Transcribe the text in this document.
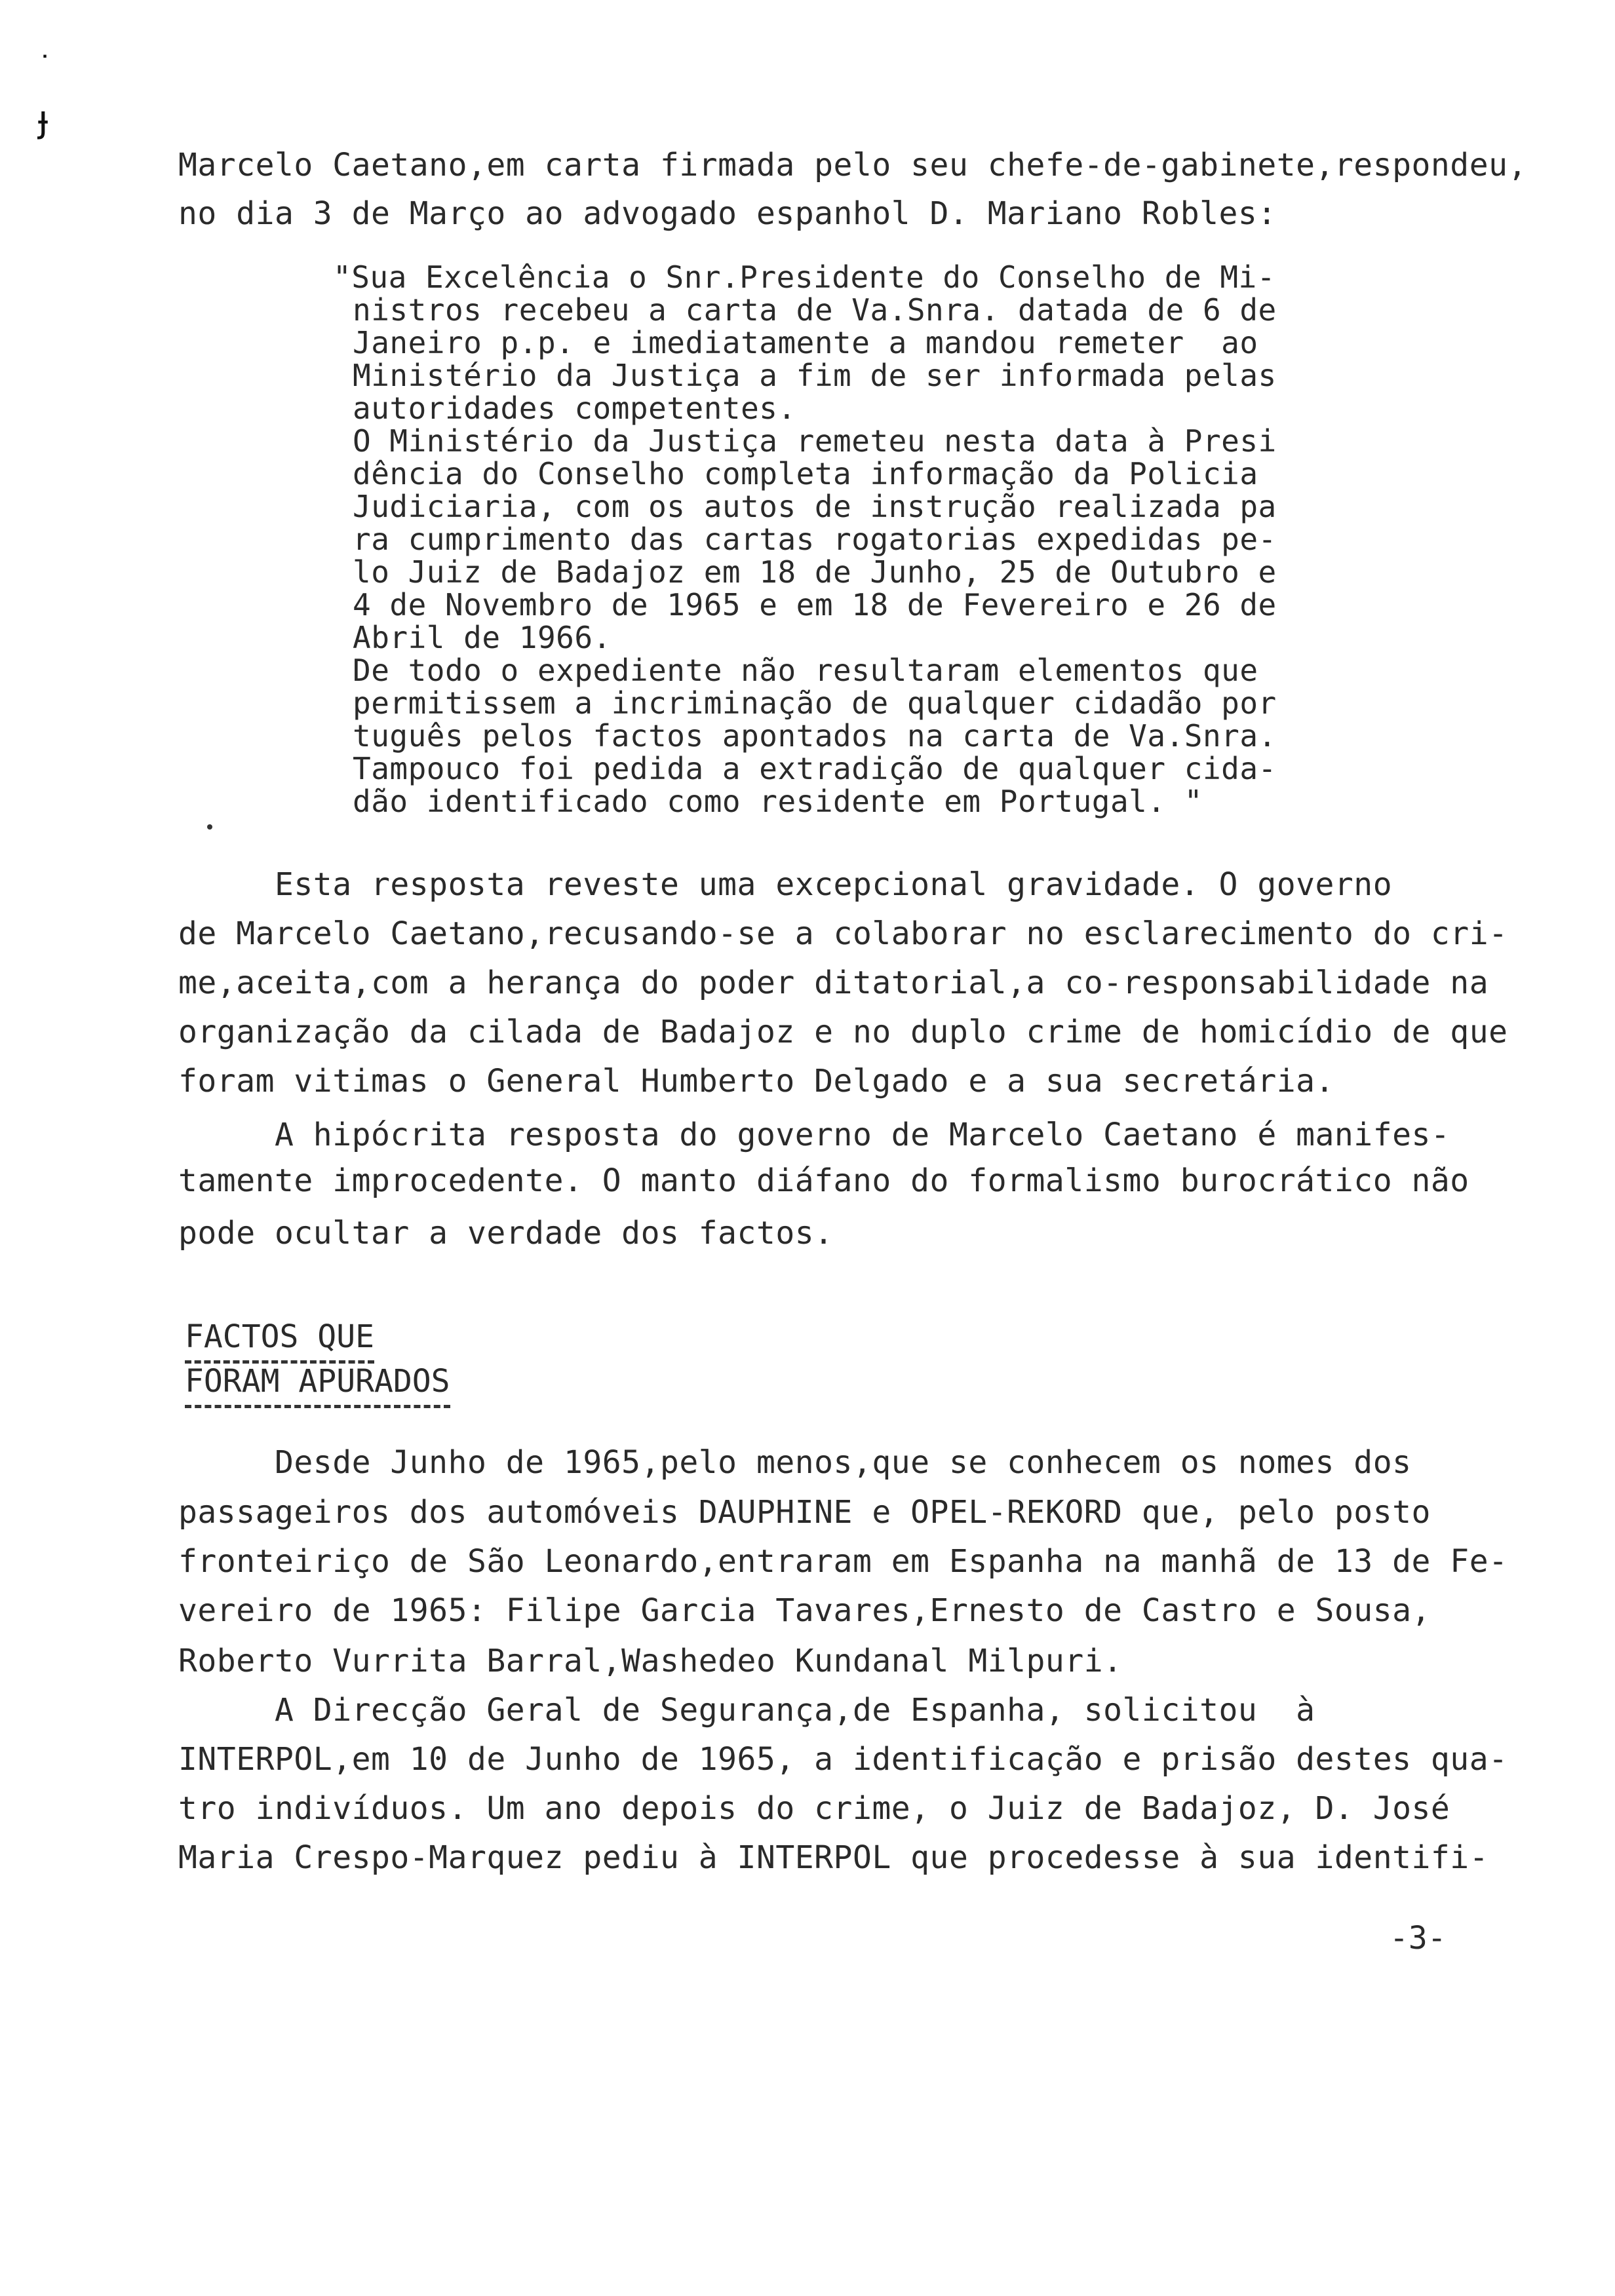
ᐧ
ɟ
Marcelo Caetano,em carta firmada pelo seu chefe-de-gabinete,respondeu,
no dia 3 de Março ao advogado espanhol D. Mariano Robles:
"Sua Excelência o Snr.Presidente do Conselho de Mi-
nistros recebeu a carta de Va.Snra. datada de 6 de
Janeiro p.p. e imediatamente a mandou remeter  ao
Ministério da Justiça a fim de ser informada pelas
autoridades competentes.
O Ministério da Justiça remeteu nesta data à Presi
dência do Conselho completa informação da Policia
Judiciaria, com os autos de instrução realizada pa
ra cumprimento das cartas rogatorias expedidas pe-
lo Juiz de Badajoz em 18 de Junho, 25 de Outubro e
4 de Novembro de 1965 e em 18 de Fevereiro e 26 de
Abril de 1966.
De todo o expediente não resultaram elementos que
permitissem a incriminação de qualquer cidadão por
tuguês pelos factos apontados na carta de Va.Snra.
Tampouco foi pedida a extradição de qualquer cida-
dão identificado como residente em Portugal. "
Esta resposta reveste uma excepcional gravidade. O governo
de Marcelo Caetano,recusando-se a colaborar no esclarecimento do cri-
me,aceita,com a herança do poder ditatorial,a co-responsabilidade na
organização da cilada de Badajoz e no duplo crime de homicídio de que
foram vitimas o General Humberto Delgado e a sua secretária.
A hipócrita resposta do governo de Marcelo Caetano é manifes-
tamente improcedente. O manto diáfano do formalismo burocrático não
pode ocultar a verdade dos factos.
FACTOS QUE
FORAM APURADOS
Desde Junho de 1965,pelo menos,que se conhecem os nomes dos
passageiros dos automóveis DAUPHINE e OPEL-REKORD que, pelo posto
fronteiriço de São Leonardo,entraram em Espanha na manhã de 13 de Fe-
vereiro de 1965: Filipe Garcia Tavares,Ernesto de Castro e Sousa,
Roberto Vurrita Barral,Washedeo Kundanal Milpuri.
A Direcção Geral de Segurança,de Espanha, solicitou  à
INTERPOL,em 10 de Junho de 1965, a identificação e prisão destes qua-
tro indivíduos. Um ano depois do crime, o Juiz de Badajoz, D. José
Maria Crespo-Marquez pediu à INTERPOL que procedesse à sua identifi-
-3-
